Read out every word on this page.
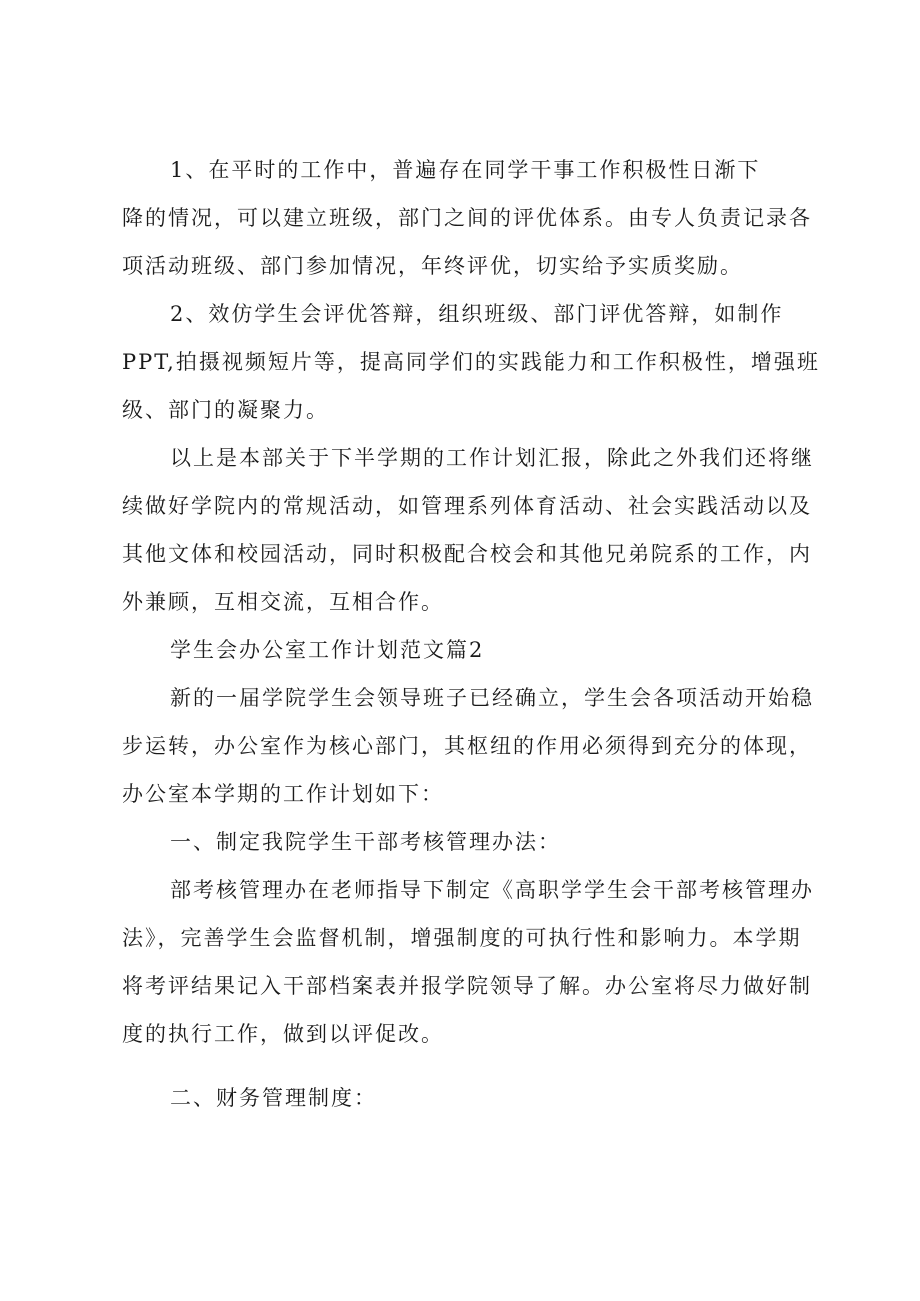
1、在平时的工作中，普遍存在同学干事工作积极性日渐下
降的情况，可以建立班级，部门之间的评优体系。由专人负责记录各
项活动班级、部门参加情况，年终评优，切实给予实质奖励。
2、效仿学生会评优答辩，组织班级、部门评优答辩，如制作
PPT,拍摄视频短片等，提高同学们的实践能力和工作积极性，增强班
级、部门的凝聚力。
以上是本部关于下半学期的工作计划汇报，除此之外我们还将继
续做好学院内的常规活动，如管理系列体育活动、社会实践活动以及
其他文体和校园活动，同时积极配合校会和其他兄弟院系的工作，内
外兼顾，互相交流，互相合作。
学生会办公室工作计划范文篇2
新的一届学院学生会领导班子已经确立，学生会各项活动开始稳
步运转，办公室作为核心部门，其枢纽的作用必须得到充分的体现，
办公室本学期的工作计划如下：
一、制定我院学生干部考核管理办法：
部考核管理办在老师指导下制定《高职学学生会干部考核管理办
法》，完善学生会监督机制，增强制度的可执行性和影响力。本学期
将考评结果记入干部档案表并报学院领导了解。办公室将尽力做好制
度的执行工作，做到以评促改。
二、财务管理制度：
